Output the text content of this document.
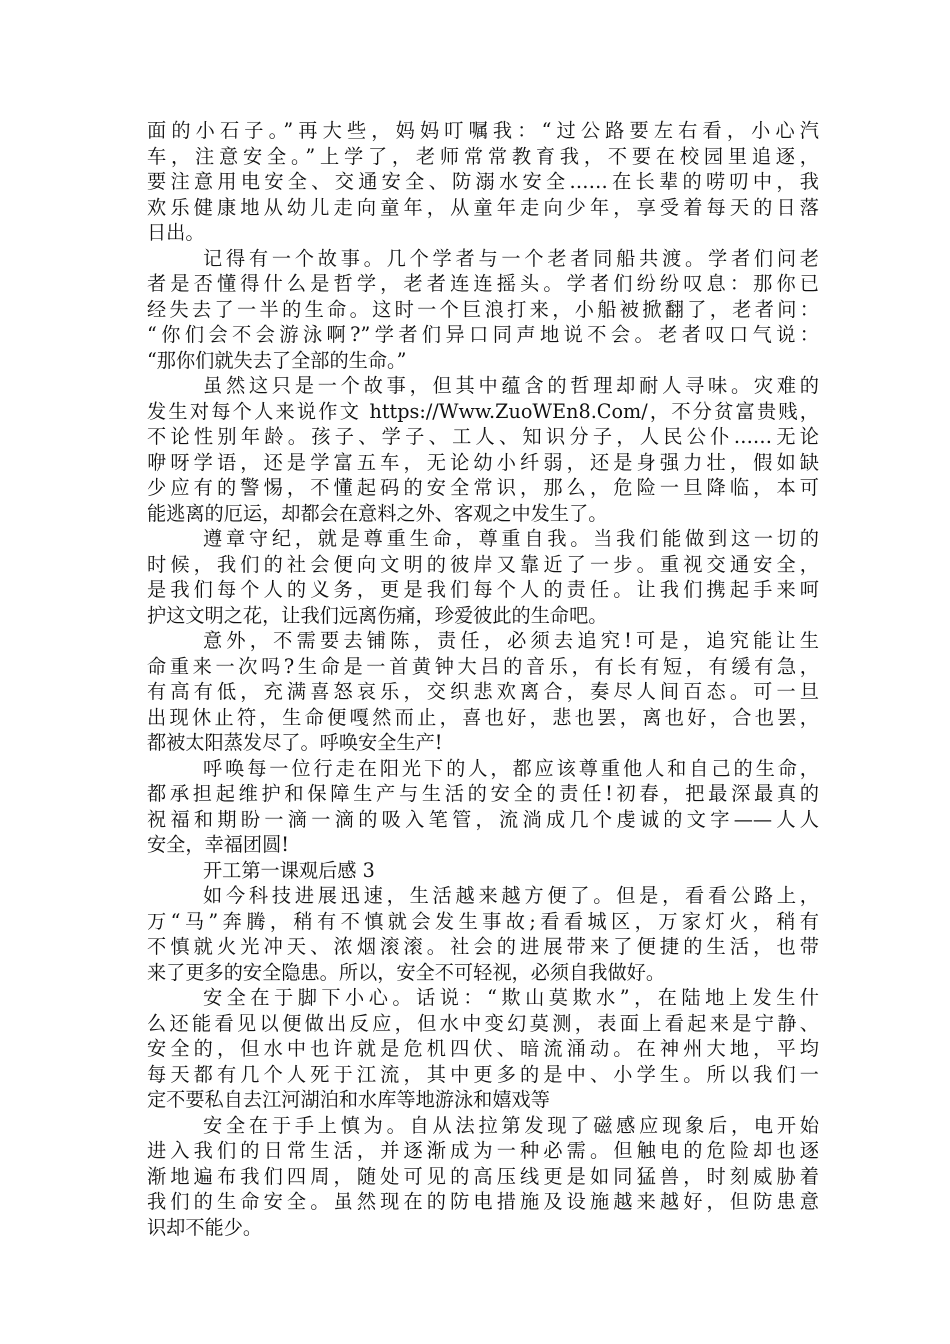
面的小石子。”再大些，妈妈叮嘱我：“过公路要左右看，小心汽
车，注意安全。”上学了，老师常常教育我，不要在校园里追逐，
要注意用电安全、交通安全、防溺水安全……在长辈的唠叨中，我
欢乐健康地从幼儿走向童年，从童年走向少年，享受着每天的日落
日出。
记得有一个故事。几个学者与一个老者同船共渡。学者们问老
者是否懂得什么是哲学，老者连连摇头。学者们纷纷叹息：那你已
经失去了一半的生命。这时一个巨浪打来，小船被掀翻了，老者问：
“你们会不会游泳啊?”学者们异口同声地说不会。老者叹口气说：
“那你们就失去了全部的生命。”
虽然这只是一个故事，但其中蕴含的哲理却耐人寻味。灾难的
发生对每个人来说作文 https://Www.ZuoWEn8.Com/，不分贫富贵贱，
不论性别年龄。孩子、学子、工人、知识分子，人民公仆……无论
咿呀学语，还是学富五车，无论幼小纤弱，还是身强力壮，假如缺
少应有的警惕，不懂起码的安全常识，那么，危险一旦降临，本可
能逃离的厄运，却都会在意料之外、客观之中发生了。
遵章守纪，就是尊重生命，尊重自我。当我们能做到这一切的
时候，我们的社会便向文明的彼岸又靠近了一步。重视交通安全，
是我们每个人的义务，更是我们每个人的责任。让我们携起手来呵
护这文明之花，让我们远离伤痛，珍爱彼此的生命吧。
意外，不需要去铺陈，责任，必须去追究!可是，追究能让生
命重来一次吗?生命是一首黄钟大吕的音乐，有长有短，有缓有急，
有高有低，充满喜怒哀乐，交织悲欢离合，奏尽人间百态。可一旦
出现休止符，生命便嘎然而止，喜也好，悲也罢，离也好，合也罢，
都被太阳蒸发尽了。呼唤安全生产!
呼唤每一位行走在阳光下的人，都应该尊重他人和自己的生命，
都承担起维护和保障生产与生活的安全的责任!初春，把最深最真的
祝福和期盼一滴一滴的吸入笔管，流淌成几个虔诚的文字——人人
安全，幸福团圆!
开工第一课观后感 3
如今科技进展迅速，生活越来越方便了。但是，看看公路上，
万“马”奔腾，稍有不慎就会发生事故;看看城区，万家灯火，稍有
不慎就火光冲天、浓烟滚滚。社会的进展带来了便捷的生活，也带
来了更多的安全隐患。所以，安全不可轻视，必须自我做好。
安全在于脚下小心。话说：“欺山莫欺水”，在陆地上发生什
么还能看见以便做出反应，但水中变幻莫测，表面上看起来是宁静、
安全的，但水中也许就是危机四伏、暗流涌动。在神州大地，平均
每天都有几个人死于江流，其中更多的是中、小学生。所以我们一
定不要私自去江河湖泊和水库等地游泳和嬉戏等
安全在于手上慎为。自从法拉第发现了磁感应现象后，电开始
进入我们的日常生活，并逐渐成为一种必需。但触电的危险却也逐
渐地遍布我们四周，随处可见的高压线更是如同猛兽，时刻威胁着
我们的生命安全。虽然现在的防电措施及设施越来越好，但防患意
识却不能少。
